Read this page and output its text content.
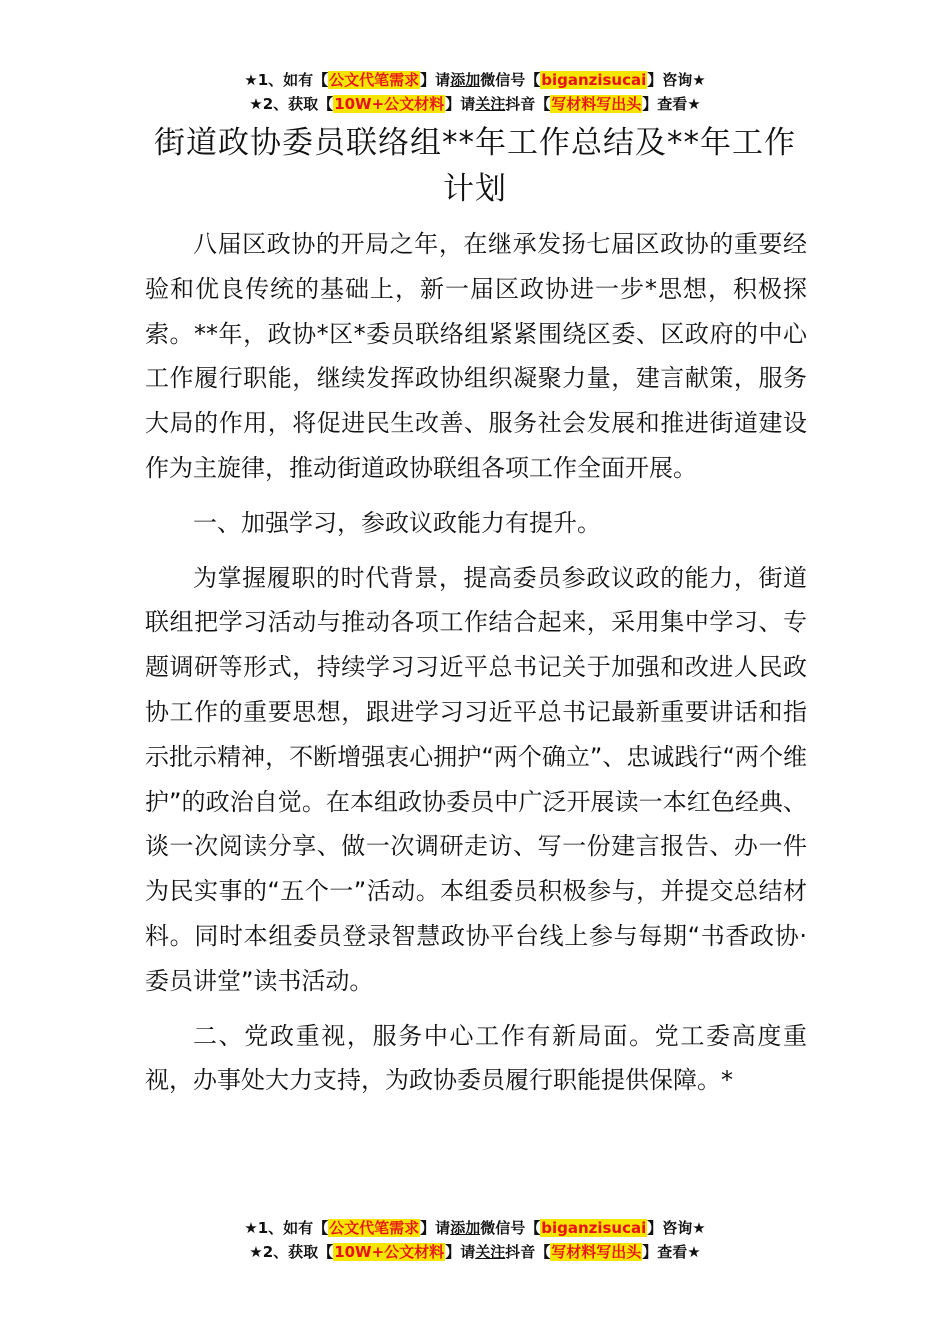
★1、如有【公文代笔需求】请添加微信号【biganzisucai】咨询★
★2、获取【10W+公文材料】请关注抖音【写材料写出头】查看★
街道政协委员联络组**年工作总结及**年工作计划

八届区政协的开局之年，在继承发扬七届区政协的重要经验和优良传统的基础上，新一届区政协进一步*思想，积极探索。**年，政协*区*委员联络组紧紧围绕区委、区政府的中心工作履行职能，继续发挥政协组织凝聚力量，建言献策，服务大局的作用，将促进民生改善、服务社会发展和推进街道建设作为主旋律，推动街道政协联组各项工作全面开展。

一、加强学习，参政议政能力有提升。

为掌握履职的时代背景，提高委员参政议政的能力，街道联组把学习活动与推动各项工作结合起来，采用集中学习、专题调研等形式，持续学习习近平总书记关于加强和改进人民政协工作的重要思想，跟进学习习近平总书记最新重要讲话和指示批示精神，不断增强衷心拥护“两个确立”、忠诚践行“两个维护”的政治自觉。在本组政协委员中广泛开展读一本红色经典、谈一次阅读分享、做一次调研走访、写一份建言报告、办一件为民实事的“五个一”活动。本组委员积极参与，并提交总结材料。同时本组委员登录智慧政协平台线上参与每期“书香政协·委员讲堂”读书活动。

二、党政重视，服务中心工作有新局面。党工委高度重视，办事处大力支持，为政协委员履行职能提供保障。*

★1、如有【公文代笔需求】请添加微信号【biganzisucai】咨询★
★2、获取【10W+公文材料】请关注抖音【写材料写出头】查看★
